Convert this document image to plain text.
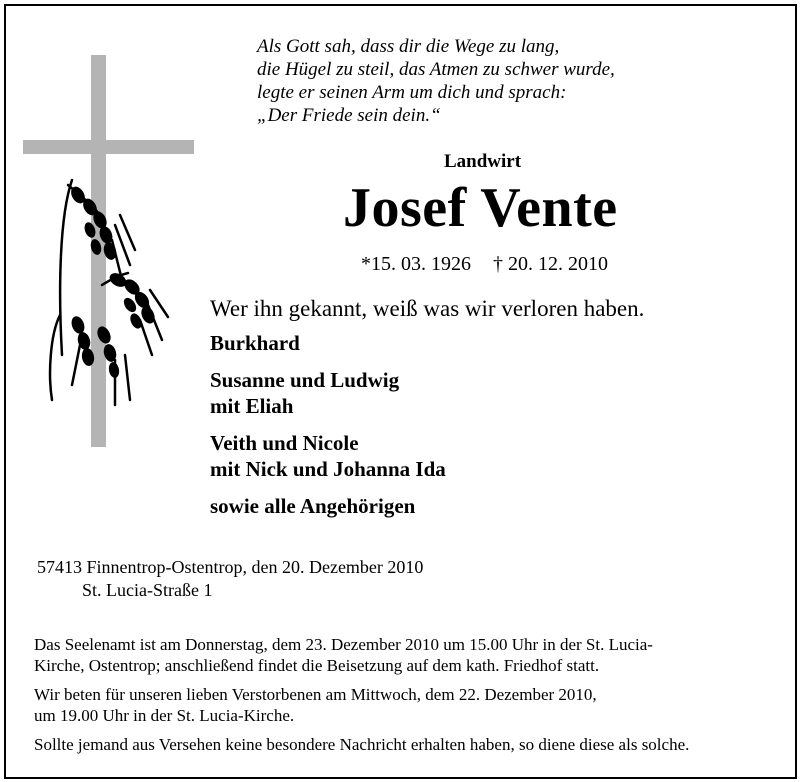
Als Gott sah, dass dir die Wege zu lang,
die Hügel zu steil, das Atmen zu schwer wurde,
legte er seinen Arm um dich und sprach:
„Der Friede sein dein.“
Landwirt
Josef Vente
*15. 03. 1926 † 20. 12. 2010
Wer ihn gekannt, weiß was wir verloren haben.
Burkhard
Susanne und Ludwig
mit Eliah
Veith und Nicole
mit Nick und Johanna Ida
sowie alle Angehörigen
57413 Finnentrop-Ostentrop, den 20. Dezember 2010
St. Lucia-Straße 1
Das Seelenamt ist am Donnerstag, dem 23. Dezember 2010 um 15.00 Uhr in der St. Lucia-
Kirche, Ostentrop; anschließend findet die Beisetzung auf dem kath. Friedhof statt.
Wir beten für unseren lieben Verstorbenen am Mittwoch, dem 22. Dezember 2010,
um 19.00 Uhr in der St. Lucia-Kirche.
Sollte jemand aus Versehen keine besondere Nachricht erhalten haben, so diene diese als solche.
